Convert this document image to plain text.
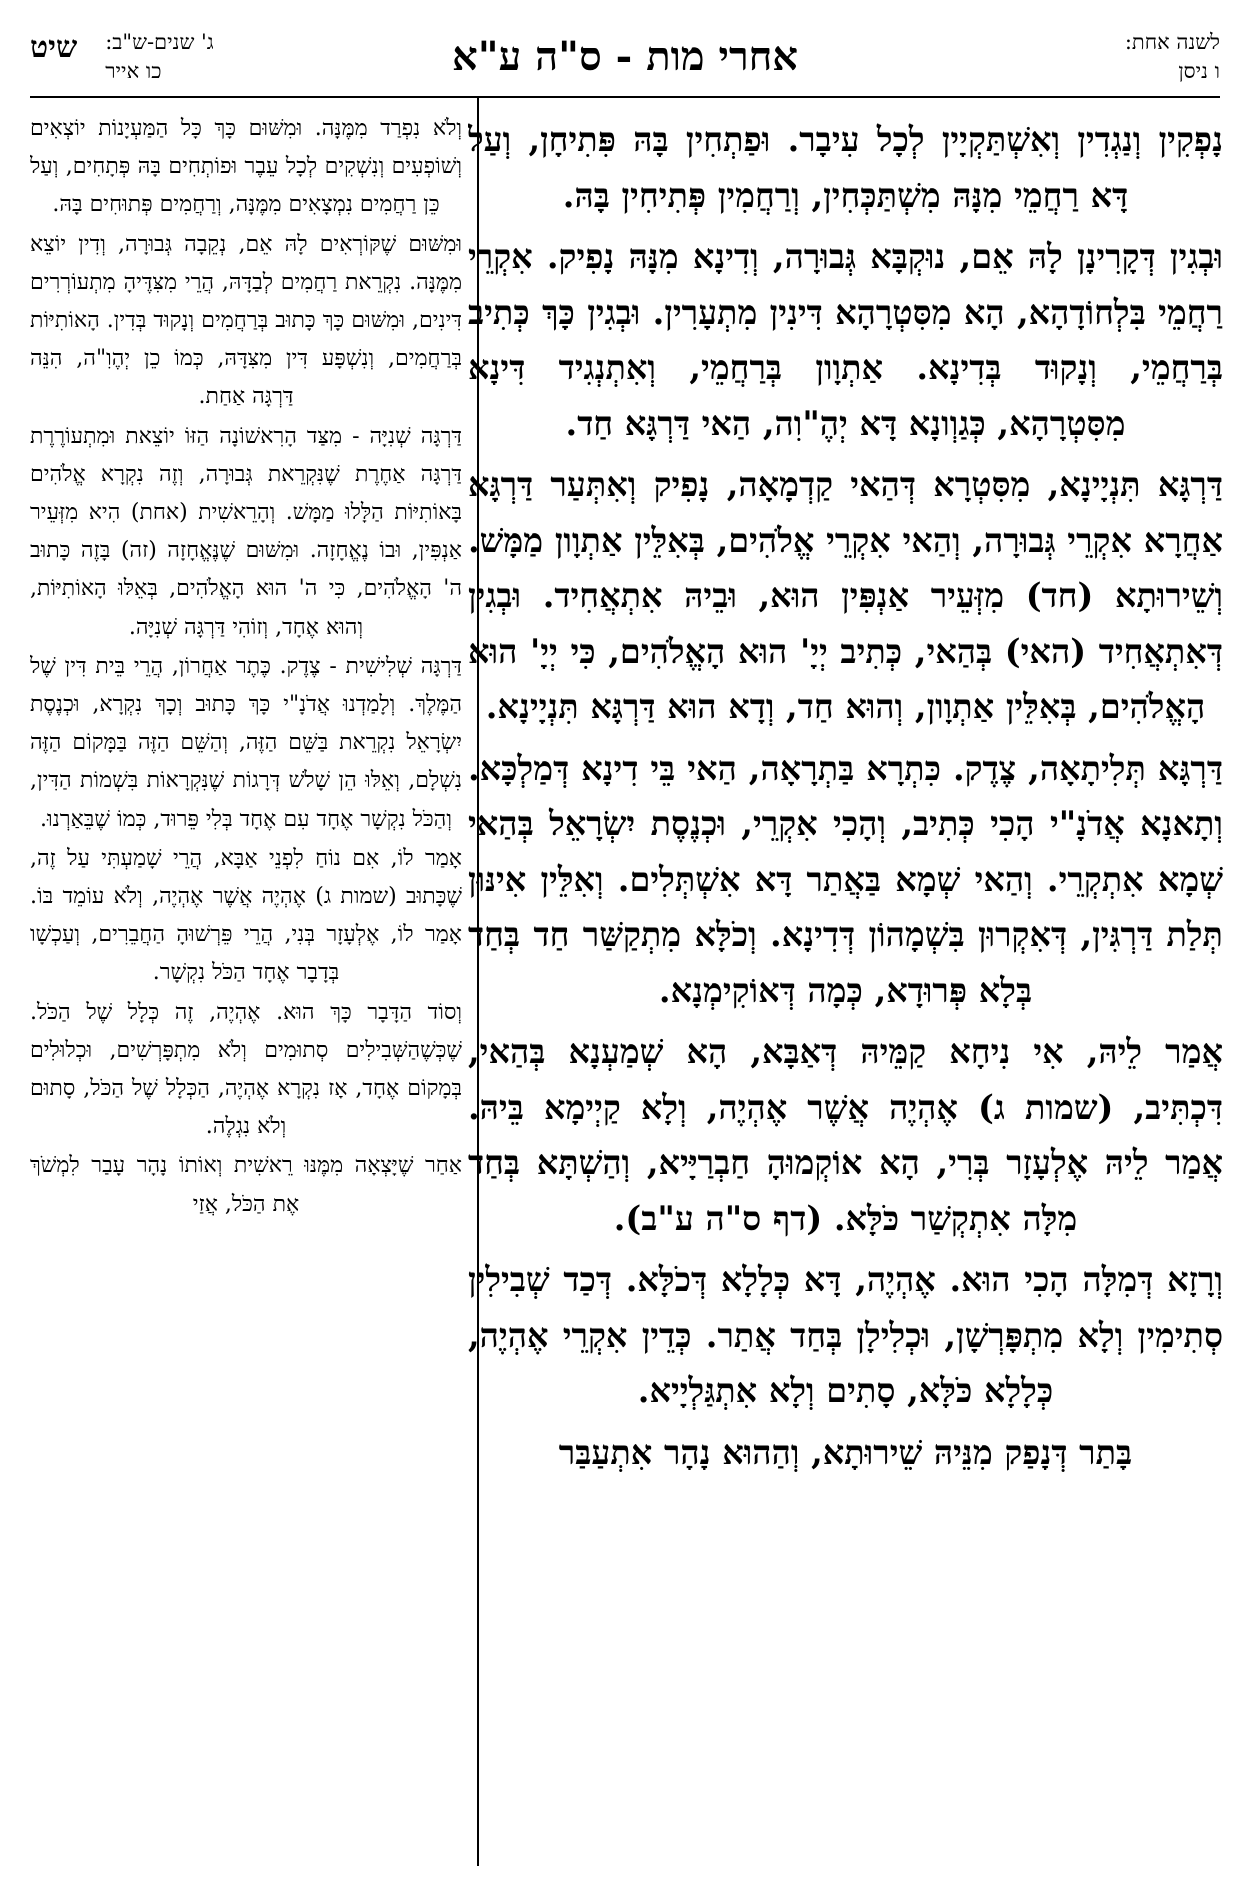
לשנה אחת:
ו ניסן
אחרי מות - ס"ה ע"א
ג' שנים-ש"ב:
כו אייר
שיט

נָפְקִין וְנַגְדִין וְאִשְׁתַּקְיָין לְכָל עִיבָר. וּפַתְחִין בָּהּ פִּתִיחָן, וְעַל דָּא רַחֲמֵי מִנָּהּ מִשְׁתַּכְּחִין, וְרַחֲמִין פְּתִיחִין בָּהּ.

וּבְגִין דְּקָרִינָן לָהּ אֵם, נוּקְבָּא גְּבוּרָה, וְדִינָא מִנָּהּ נָפִיק. אִקְרֵי רַחֲמֵי בִּלְחוֹדָהָא, הָא מִסִּטְרָהָא דִּינִין מִתְעָרִין. וּבְגִין כָּךְ כְּתִיב בְּרַחֲמֵי, וְנָקוּד בְּדִינָא. אַתְוָון בְּרַחֲמֵי, וְאִתְנְגִיד דִּינָא מִסִּטְרָהָא, כְּגַוְונָא דָּא יְהֶ"וִה, הַאי דַּרְגָּא חַד.

דַּרְגָּא תִּנְיָינָא, מִסִּטְרָא דְּהַאי קַדְמָאָה, נָפִיק וְאִתְּעַר דַּרְגָּא אַחֲרָא אִקְרֵי גְּבוּרָה, וְהַאי אִקְרֵי אֱלֹהִים, בְּאִלֵּין אַתְוָון מַמָּשׁ. וְשֵׁירוּתָא (חד) מִזְּעֵיר אַנְפִּין הוּא, וּבֵיהּ אִתְאֲחִיד. וּבְגִין דְּאִתְאֲחִיד (האי) בְּהַאי, כְּתִיב יְיָ' הוּא הָאֱלֹהִים, כִּי יְיָ' הוּא הָאֱלֹהִים, בְּאִלֵּין אַתְוָון, וְהוּא חַד, וְדָא הוּא דַּרְגָּא תִּנְיָינָא.

דַּרְגָּא תְּלִיתָאָה, צֶדֶק. כִּתְרָא בַּתְרָאָה, הַאי בֵּי דִינָא דְּמַלְכָּא. וְתָאנָא אֲדֹנָ"י הָכִי כְּתִיב, וְהָכִי אִקְרֵי, וּכְנֶסֶת יִשְׂרָאֵל בְּהַאי שְׁמָא אִתְקְרֵי. וְהַאי שְׁמָא בַּאֲתַר דָּא אִשְׁתְּלִים. וְאִלֵּין אִינּוּן תְּלַת דַּרְגִּין, דְּאִקְרוּן בִּשְׁמָהוֹן דְּדִינָא. וְכֹלָּא מִתְקַשַּׁר חַד בְּחַד בְּלָא פְּרוּדָא, כְּמָה דְּאוֹקִימְנָא.

אֲמַר לֵיהּ, אִי נִיחָא קַמֵּיהּ דְּאַבָּא, הָא שְׁמַעְנָא בְּהַאי, דִּכְתִּיב, (שמות ג) אֶהְיֶה אֲשֶׁר אֶהְיֶה, וְלָא קַיְימָא בֵּיהּ. אֲמַר לֵיהּ אֶלְעָזָר בְּרִי, הָא אוֹקְמוּהָ חַבְרַיָּיא, וְהַשְׁתָּא בְּחַד מִלָּה אִתְקְשַׁר כֹּלָּא. (דף ס"ה ע"ב).

וְרָזָא דְּמִלָּה הָכִי הוּא. אֶהְיֶה, דָּא כְּלָלָא דְּכֹלָּא. דְּכַד שְׁבִילִין סְתִימִין וְלָא מִתְפָּרְשָׁן, וּכְלִילָן בְּחַד אֲתַר. כְּדֵין אִקְרֵי אֶהְיֶה, כְּלָלָא כֹּלָּא, סָתִים וְלָא אִתְגַּלְיָיא.

בָּתַר דְּנָפַק מִנֵּיהּ שֵׁירוּתָא, וְהַהוּא נָהָר אִתְעַבַּר

וְלֹא נִפְרַד מִמֶּנָּה. וּמִשּׁוּם כָּךְ כָּל הַמַּעְיָנוֹת יוֹצְאִים וְשׁוֹפְעִים וְנִשְׁקִים לְכָל עֵבֶר וּפוֹתְחִים בָּהּ פְּתָחִים, וְעַל כֵּן רַחֲמִים נִמְצָאִים מִמֶּנָּה, וְרַחֲמִים פְּתוּחִים בָּהּ.

וּמִשּׁוּם שֶׁקּוֹרְאִים לָהּ אֵם, נְקֵבָה גְּבוּרָה, וְדִין יוֹצֵא מִמֶּנָּה. נִקְרֵאת רַחֲמִים לְבַדָּהּ, הֲרֵי מִצִּדֶּיהָ מִתְעוֹרְרִים דִּינִים, וּמִשּׁוּם כָּךְ כָּתוּב בְּרַחֲמִים וְנָקוּד בְּדִין. הָאוֹתִיּוֹת בְּרַחֲמִים, וְנִשְׁפָּע דִּין מִצִּדָּהּ, כְּמוֹ כֵן יְהֶוִ"ה, הִנֵּה דַּרְגָּה אַחַת.

דַּרְגָּה שְׁנִיָּה - מִצַּד הָרִאשׁוֹנָה הַזּוֹ יוֹצֵאת וּמִתְעוֹרֶרֶת דַּרְגָּה אַחֶרֶת שֶׁנִּקְרֵאת גְּבוּרָה, וְזֶה נִקְרָא אֱלֹהִים בָּאוֹתִיּוֹת הַלָּלוּ מַמָּשׁ. וְהָרֵאשִׁית (אחת) הִיא מִזְּעֵיר אַנְפִּין, וּבוֹ נֶאֱחָזָה. וּמִשּׁוּם שֶׁנֶּאֱחָזָה (זה) בָּזֶה כָּתוּב ה' הָאֱלֹהִים, כִּי ה' הוּא הָאֱלֹהִים, בְּאֵלּוּ הָאוֹתִיּוֹת, וְהוּא אֶחָד, וְזוֹהִי דַּרְגָּה שְׁנִיָּה.

דַּרְגָּה שְׁלִישִׁית - צֶדֶק. כֶּתֶר אַחֲרוֹן, הֲרֵי בֵּית דִּין שֶׁל הַמֶּלֶךְ. וְלָמַדְנוּ אֲדֹנָ"י כָּךְ כָּתוּב וְכָךְ נִקְרָא, וּכְנֶסֶת יִשְׂרָאֵל נִקְרֵאת בַּשֵּׁם הַזֶּה, וְהַשֵּׁם הַזֶּה בַּמָּקוֹם הַזֶּה נִשְׁלָם, וְאֵלּוּ הֵן שָׁלֹשׁ דְּרָגוֹת שֶׁנִּקְרָאוֹת בִּשְׁמוֹת הַדִּין, וְהַכֹּל נִקְשָׁר אֶחָד עִם אֶחָד בְּלִי פֵּרוּד, כְּמוֹ שֶׁבֵּאַרְנוּ.

אָמַר לוֹ, אִם נוֹחַ לִפְנֵי אַבָּא, הֲרֵי שָׁמַעְתִּי עַל זֶה, שֶׁכָּתוּב (שמות ג) אֶהְיֶה אֲשֶׁר אֶהְיֶה, וְלֹא עוֹמֵד בּוֹ. אָמַר לוֹ, אֶלְעָזָר בְּנִי, הֲרֵי פֵּרְשׁוּהָ הַחֲבֵרִים, וְעַכְשָׁו בְּדָבָר אֶחָד הַכֹּל נִקְשָׁר.

וְסוֹד הַדָּבָר כָּךְ הוּא. אֶהְיֶה, זֶה כְּלָל שֶׁל הַכֹּל. שֶׁכְּשֶׁהַשְּׁבִילִים סְתוּמִים וְלֹא מִתְפָּרְשִׁים, וּכְלוּלִים בְּמָקוֹם אֶחָד, אָז נִקְרָא אֶהְיֶה, הַכְּלָל שֶׁל הַכֹּל, סָתוּם וְלֹא נִגְלֶה.

אַחַר שֶׁיָּצְאָה מִמֶּנּוּ רֵאשִׁית וְאוֹתוֹ נָהָר עָבַר לִמְשֹׁךְ אֶת הַכֹּל, אֲזַי
